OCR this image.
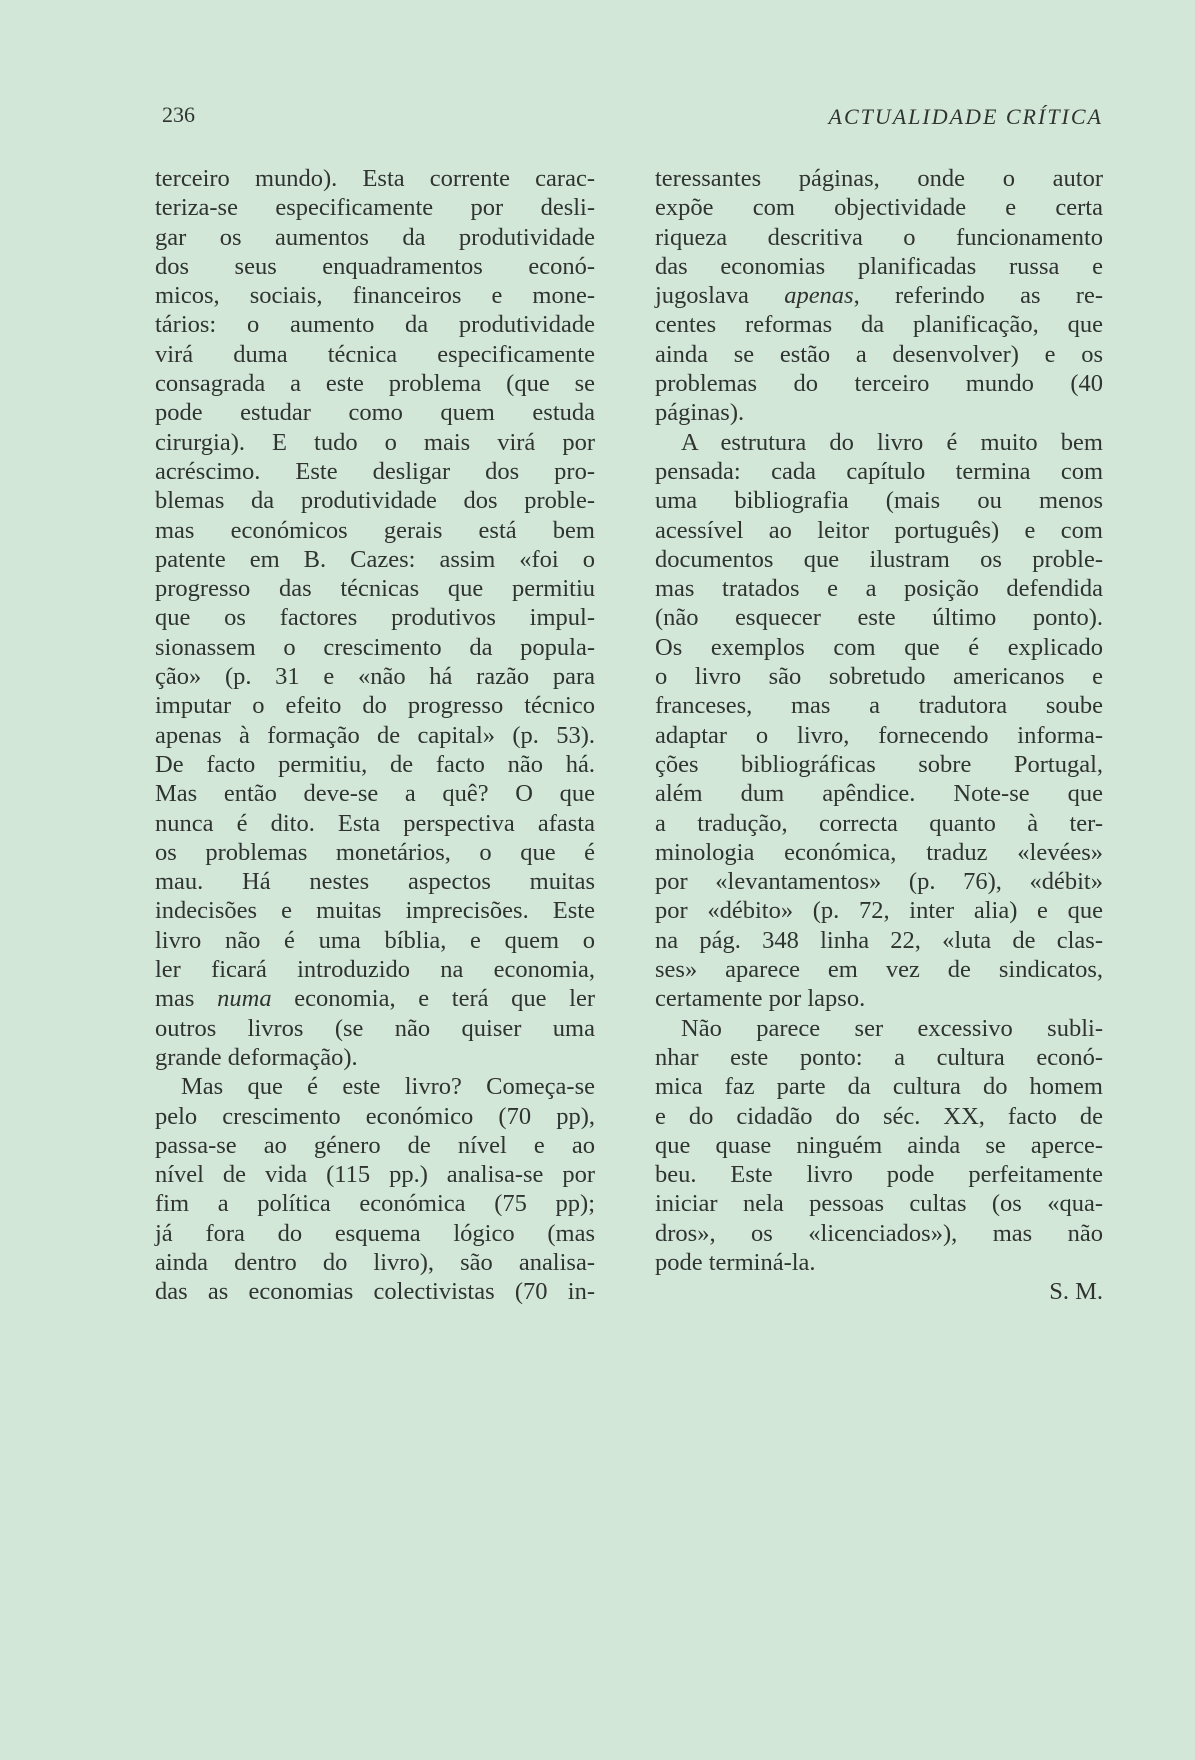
236	ACTUALIDADE CRÍTICA
terceiro mundo). Esta corrente carac-
teriza-se especificamente por desli-
gar os aumentos da produtividade
dos seus enquadramentos econó-
micos, sociais, financeiros e mone-
tários: o aumento da produtividade
virá duma técnica especificamente
consagrada a este problema (que se
pode estudar como quem estuda
cirurgia). E tudo o mais virá por
acréscimo. Este desligar dos pro-
blemas da produtividade dos proble-
mas económicos gerais está bem
patente em B. Cazes: assim «foi o
progresso das técnicas que permitiu
que os factores produtivos impul-
sionassem o crescimento da popula-
ção» (p. 31 e «não há razão para
imputar o efeito do progresso técnico
apenas à formação de capital» (p. 53).
De facto permitiu, de facto não há.
Mas então deve-se a quê? O que
nunca é dito. Esta perspectiva afasta
os problemas monetários, o que é
mau. Há nestes aspectos muitas
indecisões e muitas imprecisões. Este
livro não é uma bíblia, e quem o
ler ficará introduzido na economia,
mas numa economia, e terá que ler
outros livros (se não quiser uma
grande deformação).
Mas que é este livro? Começa-se
pelo crescimento económico (70 pp),
passa-se ao género de nível e ao
nível de vida (115 pp.) analisa-se por
fim a política económica (75 pp);
já fora do esquema lógico (mas
ainda dentro do livro), são analisa-
das as economias colectivistas (70 in-
teressantes páginas, onde o autor
expõe com objectividade e certa
riqueza descritiva o funcionamento
das economias planificadas russa e
jugoslava apenas, referindo as re-
centes reformas da planificação, que
ainda se estão a desenvolver) e os
problemas do terceiro mundo (40
páginas).
A estrutura do livro é muito bem
pensada: cada capítulo termina com
uma bibliografia (mais ou menos
acessível ao leitor português) e com
documentos que ilustram os proble-
mas tratados e a posição defendida
(não esquecer este último ponto).
Os exemplos com que é explicado
o livro são sobretudo americanos e
franceses, mas a tradutora soube
adaptar o livro, fornecendo informa-
ções bibliográficas sobre Portugal,
além dum apêndice. Note-se que
a tradução, correcta quanto à ter-
minologia económica, traduz «levées»
por «levantamentos» (p. 76), «débit»
por «débito» (p. 72, inter alia) e que
na pág. 348 linha 22, «luta de clas-
ses» aparece em vez de sindicatos,
certamente por lapso.
Não parece ser excessivo subli-
nhar este ponto: a cultura econó-
mica faz parte da cultura do homem
e do cidadão do séc. XX, facto de
que quase ninguém ainda se aperce-
beu. Este livro pode perfeitamente
iniciar nela pessoas cultas (os «qua-
dros», os «licenciados»), mas não
pode terminá-la.
S. M.
